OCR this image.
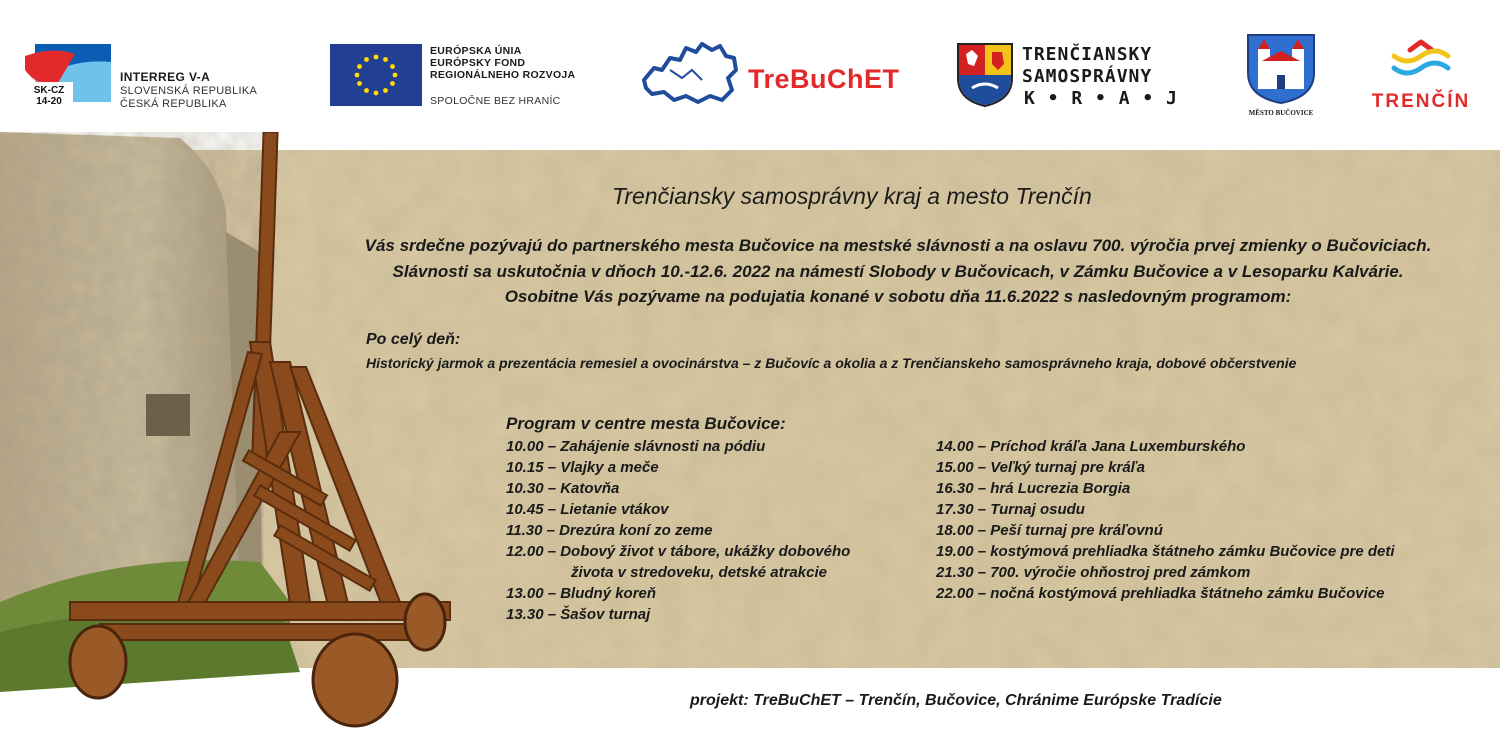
SK-CZ
14-20
INTERREG V-A
SLOVENSKÁ REPUBLIKA
ČESKÁ REPUBLIKA
EURÓPSKA ÚNIA
EURÓPSKY FOND
REGIONÁLNEHO ROZVOJA
SPOLOČNE BEZ HRANÍC
TreBuChET
TRENČIANSKY
SAMOSPRÁVNY
K • R • A • J
MĚSTO BUČOVICE
TRENČÍN
Trenčiansky samosprávny kraj a mesto Trenčín
Vás srdečne pozývajú do partnerského mesta Bučovice na mestské slávnosti a na oslavu 700. výročia prvej zmienky o Bučoviciach.
Slávnosti sa uskutočnia v dňoch 10.-12.6. 2022 na námestí Slobody v Bučovicach, v Zámku Bučovice a v Lesoparku Kalvárie.
Osobitne Vás pozývame na podujatia konané v sobotu dňa 11.6.2022 s nasledovným programom:
Po celý deň:
Historický jarmok a prezentácia remesiel a ovocinárstva – z Bučovíc a okolia a z Trenčianskeho samosprávneho kraja, dobové občerstvenie
Program v centre mesta Bučovice:
10.00 – Zahájenie slávnosti na pódiu
10.15 – Vlajky a meče
10.30 – Katovňa
10.45 – Lietanie vtákov
11.30 – Drezúra koní zo zeme
12.00 – Dobový život v tábore, ukážky dobového
života v stredoveku, detské atrakcie
13.00 – Bludný koreň
13.30 – Šašov turnaj
14.00 – Príchod kráľa Jana Luxemburského
15.00 – Veľký turnaj pre kráľa
16.30 – hrá Lucrezia Borgia
17.30 – Turnaj osudu
18.00 – Peší turnaj pre kráľovnú
19.00 – kostýmová prehliadka štátneho zámku Bučovice pre deti
21.30 – 700. výročie ohňostroj pred zámkom
22.00 – nočná kostýmová prehliadka štátneho zámku Bučovice
projekt: TreBuChET – Trenčín, Bučovice, Chránime Európske Tradície
